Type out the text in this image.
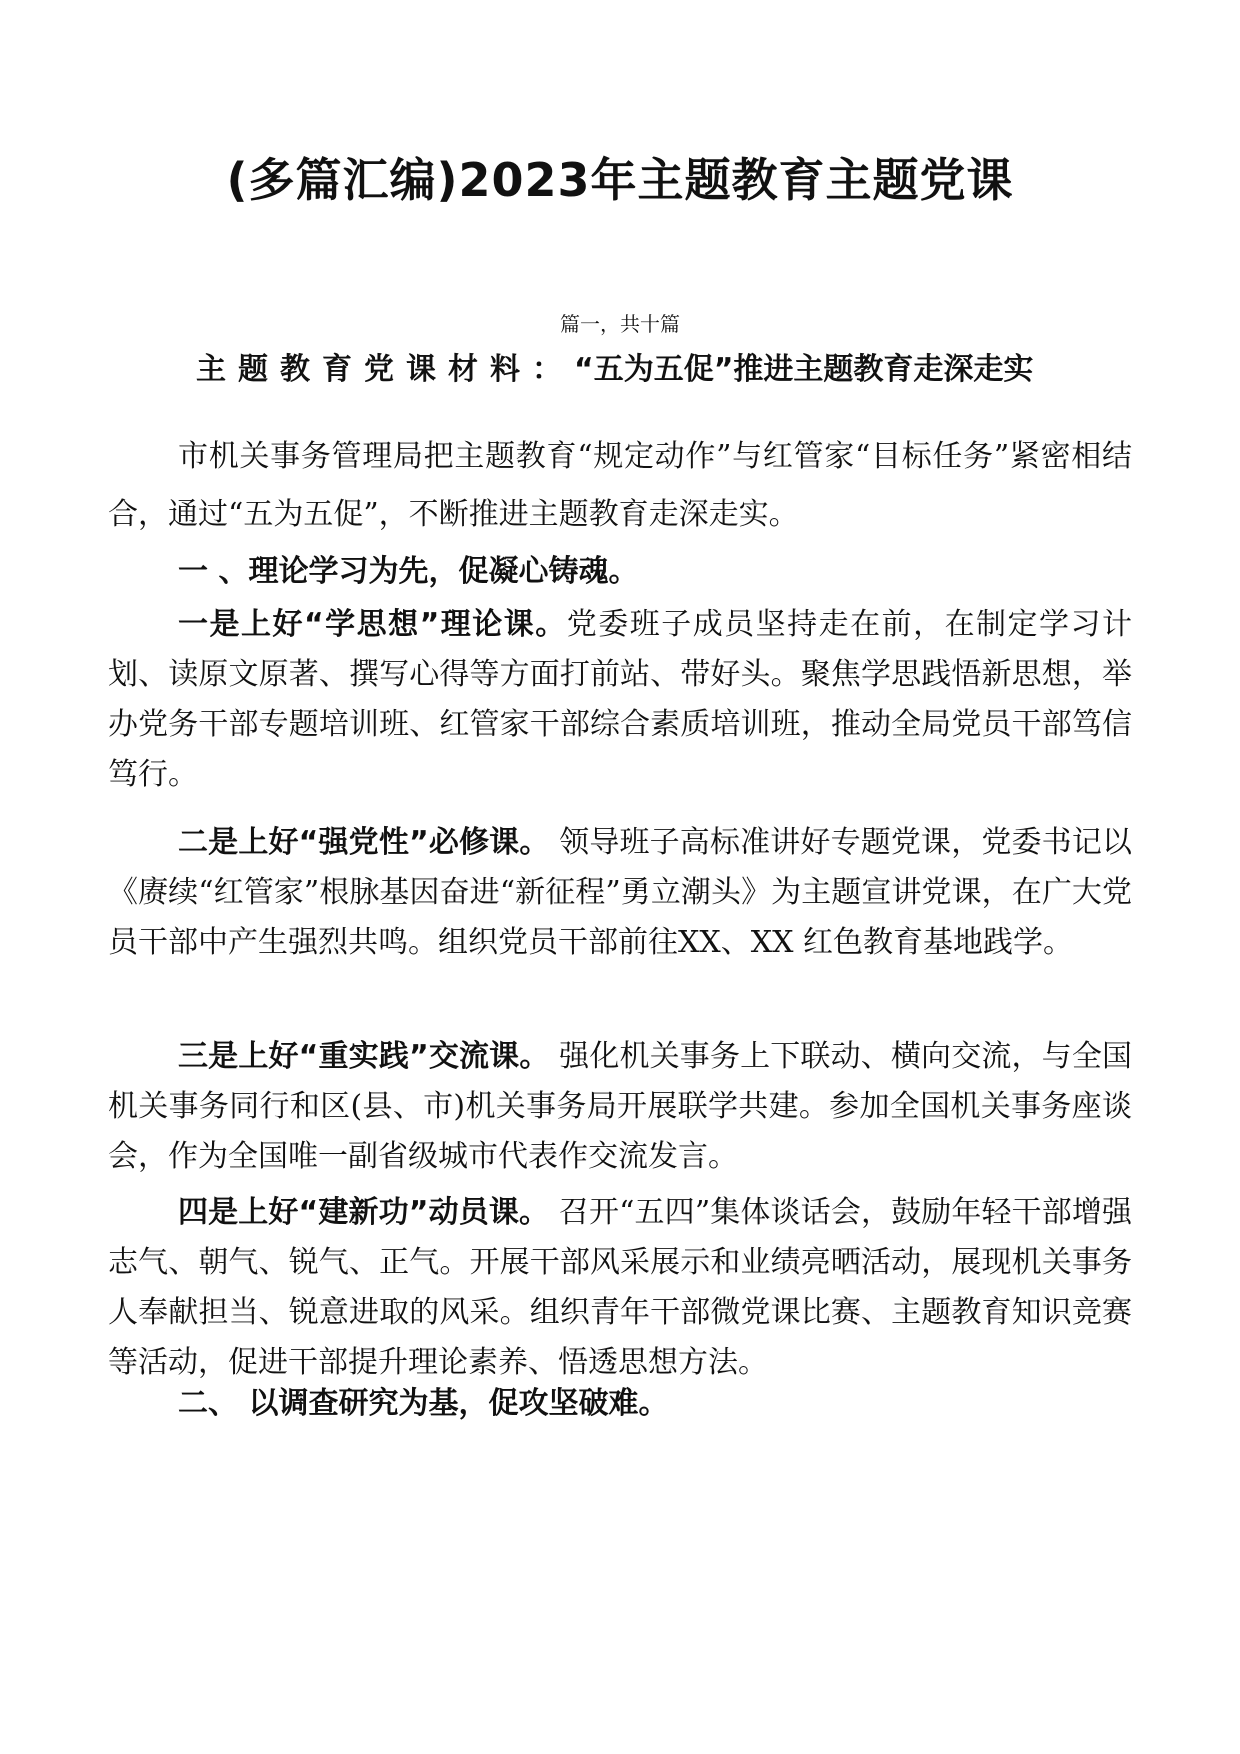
(多篇汇编)2023年主题教育主题党课
篇一，共十篇
主题教育党课材料：“五为五促”推进主题教育走深走实

市机关事务管理局把主题教育“规定动作”与红管家“目标任务”紧密相结合，通过“五为五促”，不断推进主题教育走深走实。

一 、理论学习为先，促凝心铸魂。

一是上好“学思想”理论课。党委班子成员坚持走在前，在制定学习计划、读原文原著、撰写心得等方面打前站、带好头。聚焦学思践悟新思想，举办党务干部专题培训班、红管家干部综合素质培训班，推动全局党员干部笃信笃行。

二是上好“强党性”必修课。 领导班子高标准讲好专题党课，党委书记以《赓续“红管家”根脉基因奋进“新征程”勇立潮头》为主题宣讲党课，在广大党员干部中产生强烈共鸣。组织党员干部前往XX、XX 红色教育基地践学。

三是上好“重实践”交流课。 强化机关事务上下联动、横向交流，与全国机关事务同行和区(县、市)机关事务局开展联学共建。参加全国机关事务座谈会，作为全国唯一副省级城市代表作交流发言。

四是上好“建新功”动员课。 召开“五四”集体谈话会，鼓励年轻干部增强志气、朝气、锐气、正气。开展干部风采展示和业绩亮晒活动，展现机关事务人奉献担当、锐意进取的风采。组织青年干部微党课比赛、主题教育知识竞赛等活动，促进干部提升理论素养、悟透思想方法。

二、 以调查研究为基，促攻坚破难。
